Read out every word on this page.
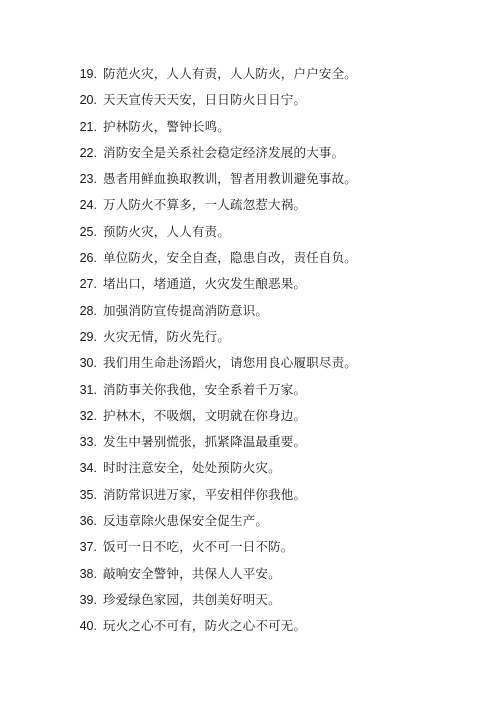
19. 防范火灾，人人有责，人人防火，户户安全。
20. 天天宣传天天安，日日防火日日宁。
21. 护林防火，警钟长鸣。
22. 消防安全是关系社会稳定经济发展的大事。
23. 愚者用鲜血换取教训，智者用教训避免事故。
24. 万人防火不算多，一人疏忽惹大祸。
25. 预防火灾，人人有责。
26. 单位防火，安全自查，隐患自改，责任自负。
27. 堵出口，堵通道，火灾发生酿恶果。
28. 加强消防宣传提高消防意识。
29. 火灾无情，防火先行。
30. 我们用生命赴汤蹈火，请您用良心履职尽责。
31. 消防事关你我他，安全系着千万家。
32. 护林木，不吸烟，文明就在你身边。
33. 发生中暑别慌张，抓紧降温最重要。
34. 时时注意安全，处处预防火灾。
35. 消防常识进万家，平安相伴你我他。
36. 反违章除火患保安全促生产。
37. 饭可一日不吃，火不可一日不防。
38. 敲响安全警钟，共保人人平安。
39. 珍爱绿色家园，共创美好明天。
40. 玩火之心不可有，防火之心不可无。
